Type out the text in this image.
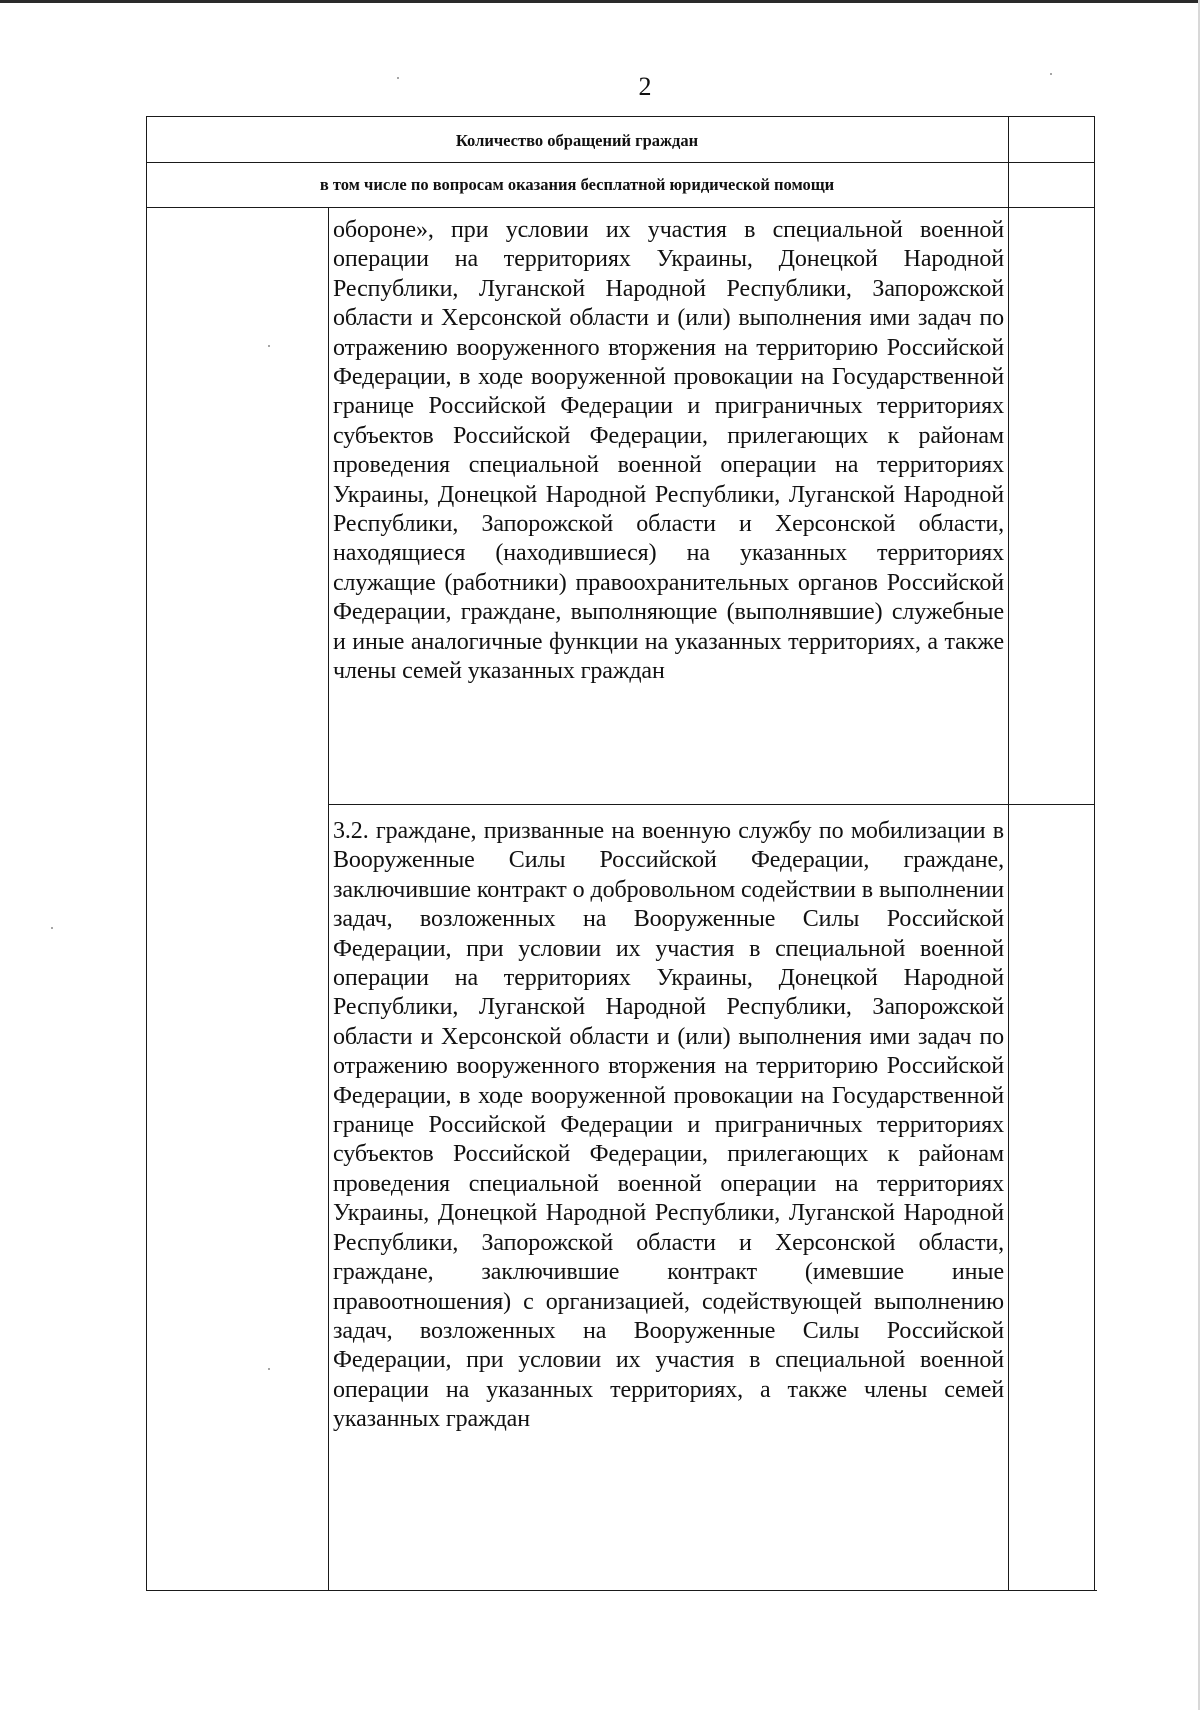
2
Количество обращений граждан
в том числе по вопросам оказания бесплатной юридической помощи
обороне», при условии их участия в специальной военной операции на территориях Украины, Донецкой Народной Республики, Луганской Народной Республики, Запорожской области и Херсонской области и (или) выполнения ими задач по отражению вооруженного вторжения на территорию Российской Федерации, в ходе вооруженной провокации на Государственной границе Российской Федерации и приграничных территориях субъектов Российской Федерации, прилегающих к районам проведения специальной военной операции на территориях Украины, Донецкой Народной Республики, Луганской Народной Республики, Запорожской области и Херсонской области, находящиеся (находившиеся) на указанных территориях служащие (работники) правоохранительных органов Российской Федерации, граждане, выполняющие (выполнявшие) служебные и иные аналогичные функции на указанных территориях, а также члены семей указанных граждан
3.2. граждане, призванные на военную службу по мобилизации в Вооруженные Силы Российской Федерации, граждане, заключившие контракт о добровольном содействии в выполнении задач, возложенных на Вооруженные Силы Российской Федерации, при условии их участия в специальной военной операции на территориях Украины, Донецкой Народной Республики, Луганской Народной Республики, Запорожской области и Херсонской области и (или) выполнения ими задач по отражению вооруженного вторжения на территорию Российской Федерации, в ходе вооруженной провокации на Государственной границе Российской Федерации и приграничных территориях субъектов Российской Федерации, прилегающих к районам проведения специальной военной операции на территориях Украины, Донецкой Народной Республики, Луганской Народной Республики, Запорожской области и Херсонской области, граждане, заключившие контракт (имевшие иные правоотношения) с организацией, содействующей выполнению задач, возложенных на Вооруженные Силы Российской Федерации, при условии их участия в специальной военной операции на указанных территориях, а также члены семей указанных граждан
